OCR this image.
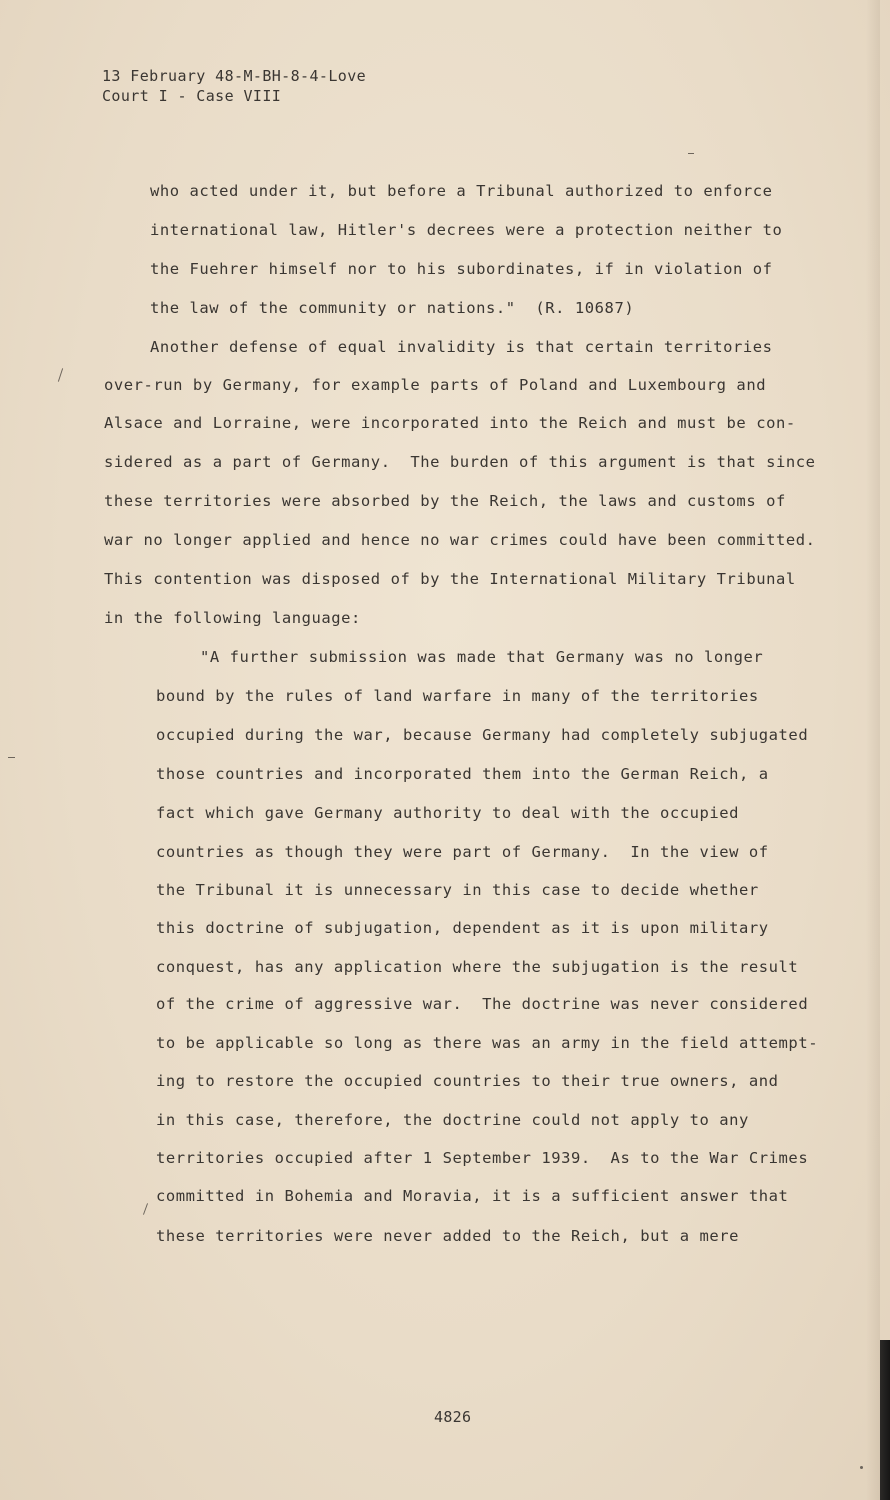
13 February 48-M-BH-8-4-Love
Court I - Case VIII
who acted under it, but before a Tribunal authorized to enforce
international law, Hitler's decrees were a protection neither to
the Fuehrer himself nor to his subordinates, if in violation of
the law of the community or nations."  (R. 10687)
Another defense of equal invalidity is that certain territories
over-run by Germany, for example parts of Poland and Luxembourg and
Alsace and Lorraine, were incorporated into the Reich and must be con-
sidered as a part of Germany.  The burden of this argument is that since
these territories were absorbed by the Reich, the laws and customs of
war no longer applied and hence no war crimes could have been committed.
This contention was disposed of by the International Military Tribunal
in the following language:
"A further submission was made that Germany was no longer
bound by the rules of land warfare in many of the territories
occupied during the war, because Germany had completely subjugated
those countries and incorporated them into the German Reich, a
fact which gave Germany authority to deal with the occupied
countries as though they were part of Germany.  In the view of
the Tribunal it is unnecessary in this case to decide whether
this doctrine of subjugation, dependent as it is upon military
conquest, has any application where the subjugation is the result
of the crime of aggressive war.  The doctrine was never considered
to be applicable so long as there was an army in the field attempt-
ing to restore the occupied countries to their true owners, and
in this case, therefore, the doctrine could not apply to any
territories occupied after 1 September 1939.  As to the War Crimes
committed in Bohemia and Moravia, it is a sufficient answer that
these territories were never added to the Reich, but a mere
4826
